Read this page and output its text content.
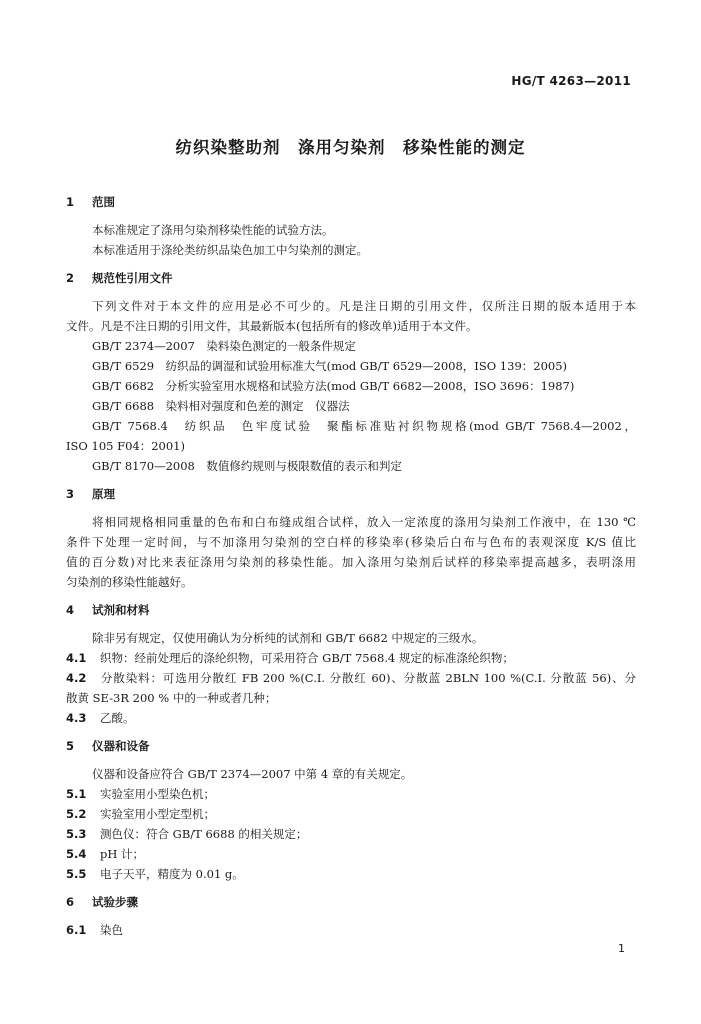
HG/T 4263—2011
纺织染整助剂　涤用匀染剂　移染性能的测定
1 范围
本标准规定了涤用匀染剂移染性能的试验方法。
本标准适用于涤纶类纺织品染色加工中匀染剂的测定。
2 规范性引用文件
下列文件对于本文件的应用是必不可少的。凡是注日期的引用文件，仅所注日期的版本适用于本
文件。凡是不注日期的引用文件，其最新版本(包括所有的修改单)适用于本文件。
GB/T 2374—2007　染料染色测定的一般条件规定
GB/T 6529　纺织品的调湿和试验用标准大气(mod GB/T 6529—2008，ISO 139：2005)
GB/T 6682　分析实验室用水规格和试验方法(mod GB/T 6682—2008，ISO 3696：1987)
GB/T 6688　染料相对强度和色差的测定　仪器法
GB/T 7568.4　纺织品　色牢度试验　聚酯标准贴衬织物规格(mod GB/T 7568.4—2002，
ISO 105 F04：2001)
GB/T 8170—2008　数值修约规则与极限数值的表示和判定
3 原理
将相同规格相同重量的色布和白布缝成组合试样，放入一定浓度的涤用匀染剂工作液中，在 130 ℃
条件下处理一定时间，与不加涤用匀染剂的空白样的移染率(移染后白布与色布的表观深度 K/S 值比
值的百分数)对比来表征涤用匀染剂的移染性能。加入涤用匀染剂后试样的移染率提高越多，表明涤用
匀染剂的移染性能越好。
4 试剂和材料
除非另有规定，仅使用确认为分析纯的试剂和 GB/T 6682 中规定的三级水。
4.1 织物：经前处理后的涤纶织物，可采用符合 GB/T 7568.4 规定的标准涤纶织物；
4.2 分散染料：可选用分散红 FB 200 %(C.I. 分散红 60)、分散蓝 2BLN 100 %(C.I. 分散蓝 56)、分
散黄 SE-3R 200 % 中的一种或者几种；
4.3 乙酸。
5 仪器和设备
仪器和设备应符合 GB/T 2374—2007 中第 4 章的有关规定。
5.1 实验室用小型染色机；
5.2 实验室用小型定型机；
5.3 测色仪：符合 GB/T 6688 的相关规定；
5.4 pH 计；
5.5 电子天平，精度为 0.01 g。
6 试验步骤
6.1 染色
1
